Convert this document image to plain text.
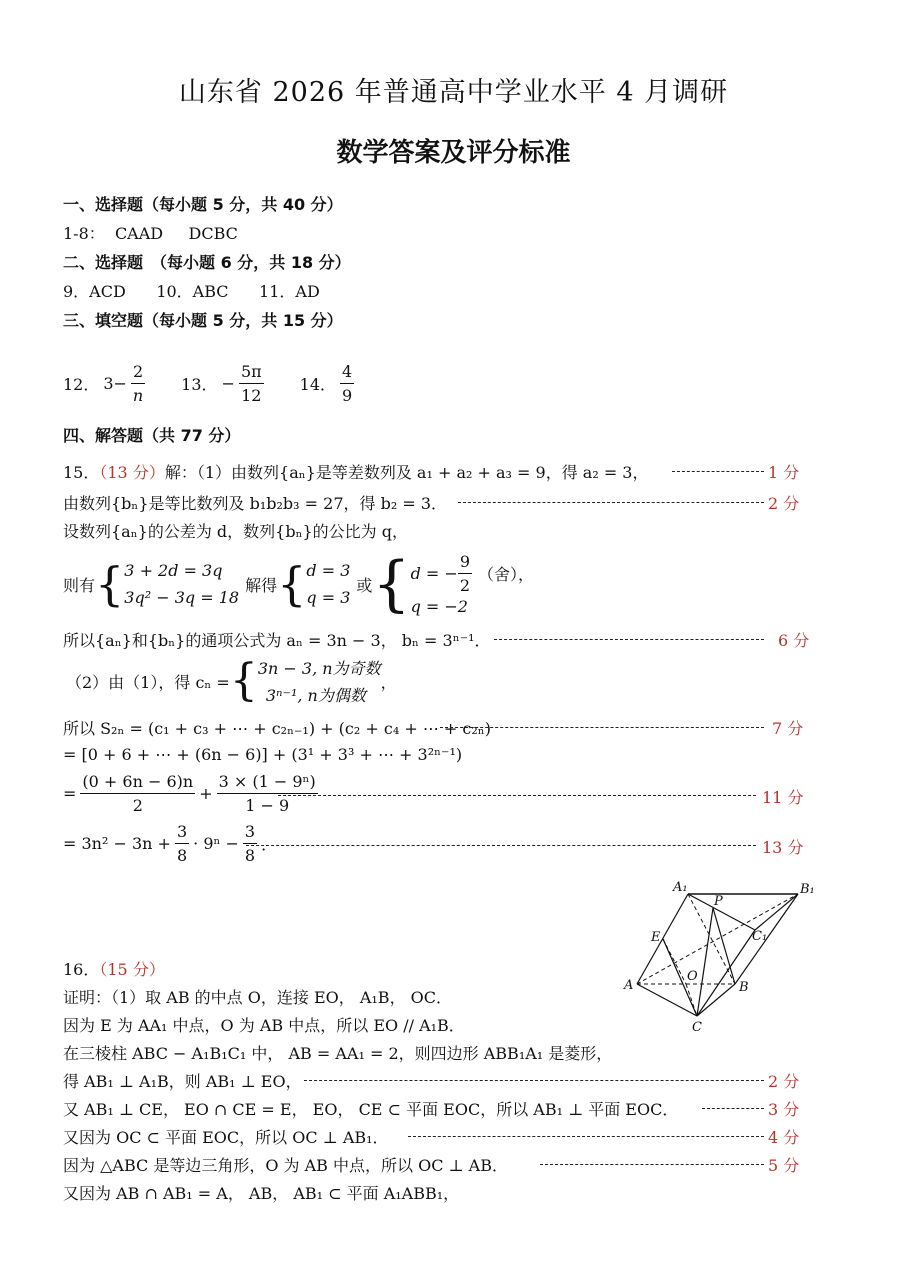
山东省 2026 年普通高中学业水平 4 月调研
数学答案及评分标准
一、选择题（每小题 5 分，共 40 分）
1-8：  CAAD     DCBC
二、选择题　（每小题 6 分，共 18 分）
9．ACD      10．ABC      11．AD
三、填空题（每小题 5 分，共 15 分）
12． $3- \frac{2}{n} 13$． − $\frac{5\pi}{12} 14$． $\frac{4}{9}$
四、解答题（共 77 分）
15．（13 分）解：（1）由数列{aₙ}是等差数列及 a₁ + a₂ + a₃ = 9，得 a₂ = 3，	1 分
由数列{bₙ}是等比数列及 b₁b₂b₃ = 27，得 b₂ = 3．	2 分
设数列{aₙ}的公差为 d，数列{bₙ}的公比为 q，
则有 { 3 + 2d = 3q
3q² − 3q = 18
解得 { d = 3
q = 3
或 { d = − $\frac{9}{2}$ （舍），
q = −2
所以{aₙ}和{bₙ}的通项公式为 aₙ = 3n − 3， bₙ = 3ⁿ⁻¹．	6 分
（2）由（1），得 cₙ = { 3n − 3, n为奇数
3ⁿ⁻¹, n为偶数
，
所以 S₂ₙ = (c₁ + c₃ + ⋯ + c₂ₙ₋₁) + (c₂ + c₄ + ⋯ + c₂ₙ)	7 分
= [0 + 6 + ⋯ + (6n − 6)] + (3¹ + 3³ + ⋯ + 3²ⁿ⁻¹)
= $\frac{(0 + 6n - 6)n}{2} + \frac{\text{3 × (1 − 9ⁿ)}}{1 - 9}$	11 分
= $3n^2 - 3n + \frac{3}{8} \cdot 9^n - \frac{3}{8}$ ．	13 分
A₁	B₁
P
C₁
E
O
A	B
C
16．（15 分）
证明：（1）取 AB 的中点 O，连接 EO， A₁B， OC．
因为 E 为 AA₁ 中点，O 为 AB 中点，所以 EO // A₁B．
在三棱柱 ABC − A₁B₁C₁ 中， AB = AA₁ = 2，则四边形 ABB₁A₁ 是菱形，
得 AB₁ ⊥ A₁B，则 AB₁ ⊥ EO，	2 分
又 AB₁ ⊥ CE， EO ∩ CE = E， EO， CE ⊂ 平面 EOC，所以 AB₁ ⊥ 平面 EOC．	3 分
又因为 OC ⊂ 平面 EOC，所以 OC ⊥ AB₁．	4 分
因为 △ABC 是等边三角形，O 为 AB 中点，所以 OC ⊥ AB．	5 分
又因为 AB ∩ AB₁ = A， AB， AB₁ ⊂ 平面 A₁ABB₁，
